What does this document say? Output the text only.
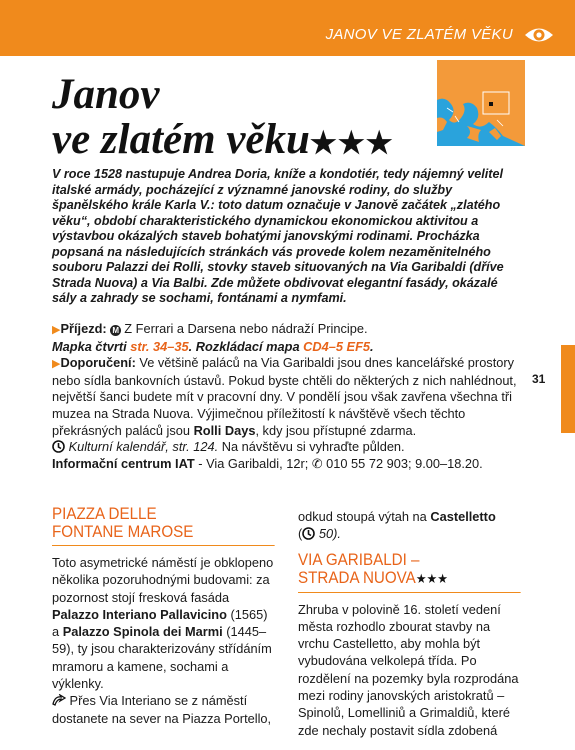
JANOV VE ZLATÉM VĚKU
Janov
ve zlatém věku★★★

V roce 1528 nastupuje Andrea Doria, kníže a kondotiér, tedy nájemný velitel italské armády, pocházející z významné janovské rodiny, do služby španělského krále Karla V.: toto datum označuje v Janově začátek „zlatého věku“, období charakteristického dynamickou ekonomickou aktivitou a výstavbou okázalých staveb bohatými janovskými rodinami. Procházka popsaná na následujících stránkách vás provede kolem nezaměnitelného souboru Palazzi dei Rolli, stovky staveb situovaných na Via Garibaldi (dříve Strada Nuova) a Via Balbi. Zde můžete obdivovat elegantní fasády, okázalé sály a zahrady se sochami, fontánami a nymfami.

▶Příjezd: M Z Ferrari a Darsena nebo nádraží Principe.

Mapka čtvrti str. 34–35. Rozkládací mapa CD4–5 EF5.

▶Doporučení: Ve většině paláců na Via Garibaldi jsou dnes kancelářské prostory nebo sídla bankovních ústavů. Pokud byste chtěli do některých z nich nahlédnout, největší šanci budete mít v pracovní dny. V pondělí jsou však zavřena všechna tři muzea na Strada Nuova. Výjimečnou příležitostí k návštěvě všech těchto překrásných paláců jsou Rolli Days, kdy jsou přístupné zdarma.
Kulturní kalendář, str. 124. Na návštěvu si vyhraďte půlden.

Informační centrum IAT - Via Garibaldi, 12r; ✆ 010 55 72 903; 9.00–18.20.

31
PIAZZA DELLE
FONTANE MAROSE

Toto asymetrické náměstí je obklopeno několika pozoruhodnými budovami: za pozornost stojí fresková fasáda Palazzo Interiano Pallavicino (1565) a Palazzo Spinola dei Marmi (1445–59), ty jsou charakterizovány střídáním mramoru a kamene, sochami a výklenky.
Přes Via Interiano se z náměstí dostanete na sever na Piazza Portello,

odkud stoupá výtah na Castelletto
( 50).

VIA GARIBALDI –
STRADA NUOVA★★★

Zhruba v polovině 16. století vedení města rozhodlo zbourat stavby na vrchu Castelletto, aby mohla být vybudována velkolepá třída. Po rozdělení na pozemky byla rozprodána mezi rodiny janovských aristokratů – Spinolů, Lomelliniů a Grimaldiů, které zde nechaly postavit sídla zdobená
